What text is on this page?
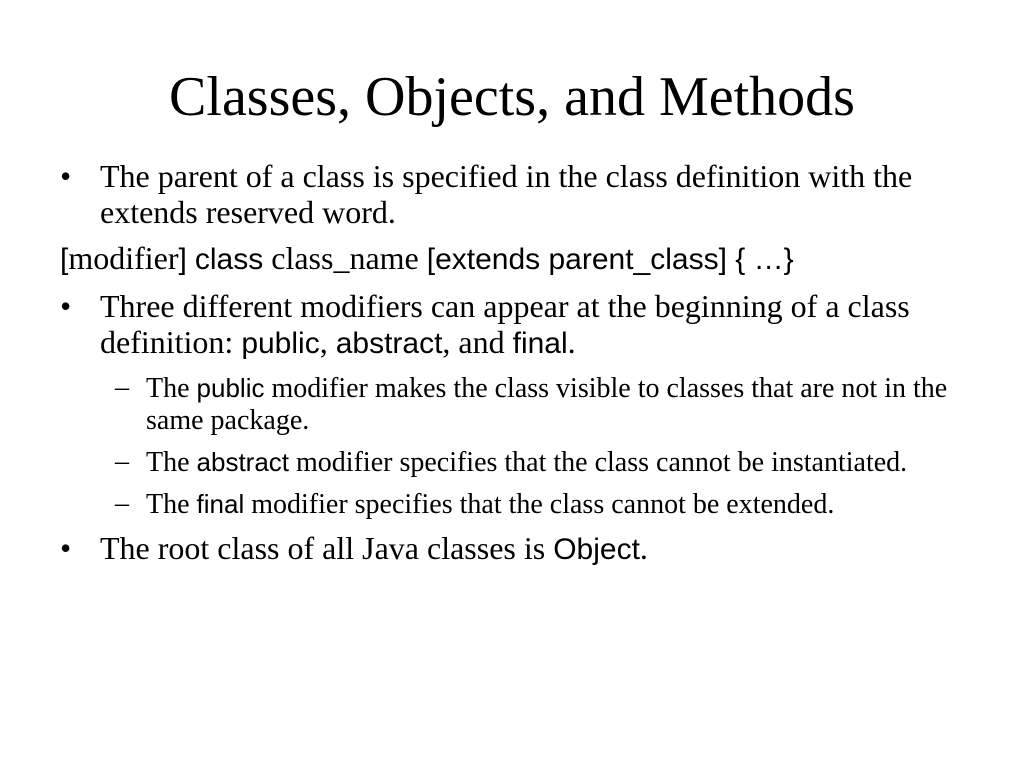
Classes, Objects, and Methods
• The parent of a class is specified in the class definition with the extends reserved word.
[modifier] class class_name [extends parent_class] { …}
• Three different modifiers can appear at the beginning of a class definition: public, abstract, and final.
– The public modifier makes the class visible to classes that are not in the same package.
– The abstract modifier specifies that the class cannot be instantiated.
– The final modifier specifies that the class cannot be extended.
• The root class of all Java classes is Object.
